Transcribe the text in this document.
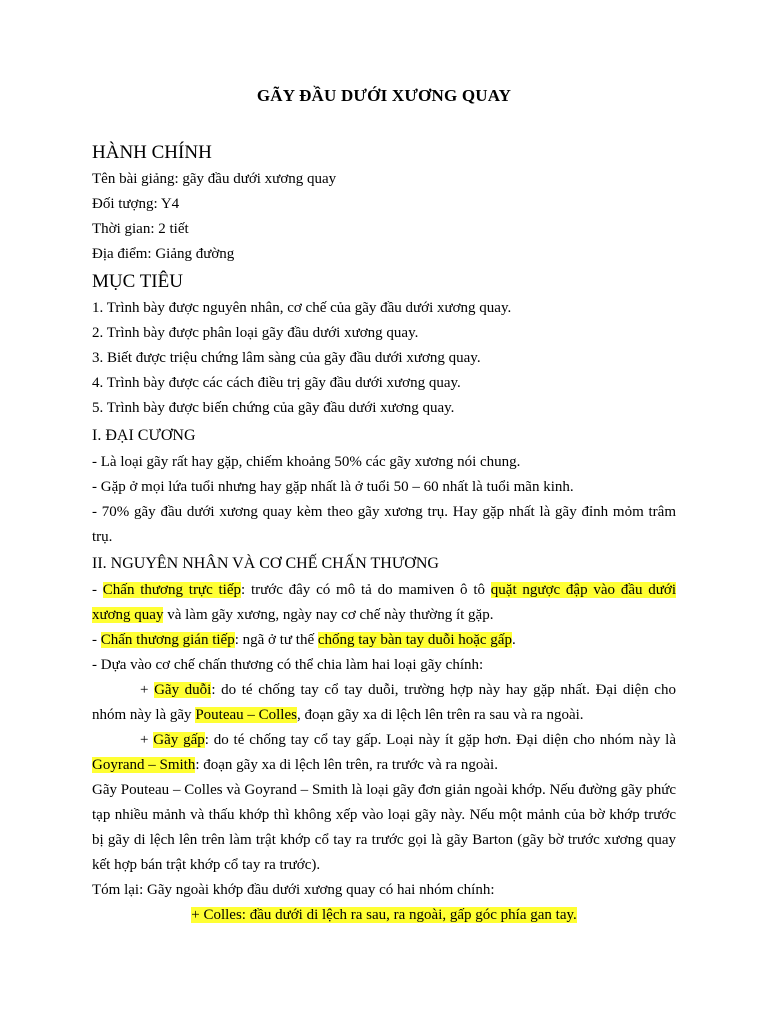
GÃY ĐẦU DƯỚI XƯƠNG QUAY
HÀNH CHÍNH
Tên bài giảng: gãy đầu dưới xương quay
Đối tượng: Y4
Thời gian: 2 tiết
Địa điểm: Giảng đường
MỤC TIÊU
1. Trình bày được nguyên nhân, cơ chế của gãy đầu dưới xương quay.
2. Trình bày được phân loại gãy đầu dưới xương quay.
3. Biết được triệu chứng lâm sàng của gãy đầu dưới xương quay.
4. Trình bày được các cách điều trị gãy đầu dưới xương quay.
5. Trình bày được biến chứng của gãy đầu dưới xương quay.
I. ĐẠI CƯƠNG
- Là loại gãy rất hay gặp, chiếm khoảng 50% các gãy xương nói chung.
- Gặp ở mọi lứa tuổi nhưng hay gặp nhất là ở tuổi 50 – 60 nhất là tuổi mãn kinh.
- 70% gãy đầu dưới xương quay kèm theo gãy xương trụ. Hay gặp nhất là gãy đỉnh mỏm trâm trụ.
II. NGUYÊN NHÂN VÀ CƠ CHẾ CHẤN THƯƠNG
- Chấn thương trực tiếp: trước đây có mô tả do mamiven ô tô quặt ngược đập vào đầu dưới xương quay và làm gãy xương, ngày nay cơ chế này thường ít gặp.
- Chấn thương gián tiếp: ngã ở tư thế chống tay bàn tay duỗi hoặc gấp.
- Dựa vào cơ chế chấn thương có thể chia làm hai loại gãy chính:
+ Gãy duỗi: do té chống tay cổ tay duỗi, trường hợp này hay gặp nhất. Đại diện cho nhóm này là gãy Pouteau – Colles, đoạn gãy xa di lệch lên trên ra sau và ra ngoài.
+ Gãy gấp: do té chống tay cổ tay gấp. Loại này ít gặp hơn. Đại diện cho nhóm này là Goyrand – Smith: đoạn gãy xa di lệch lên trên, ra trước và ra ngoài.
Gãy Pouteau – Colles và Goyrand – Smith là loại gãy đơn giản ngoài khớp. Nếu đường gãy phức tạp nhiều mảnh và thấu khớp thì không xếp vào loại gãy này. Nếu một mảnh của bờ khớp trước bị gãy di lệch lên trên làm trật khớp cổ tay ra trước gọi là gãy Barton (gãy bờ trước xương quay kết hợp bán trật khớp cổ tay ra trước).
Tóm lại: Gãy ngoài khớp đầu dưới xương quay có hai nhóm chính:
+ Colles: đầu dưới di lệch ra sau, ra ngoài, gấp góc phía gan tay.
